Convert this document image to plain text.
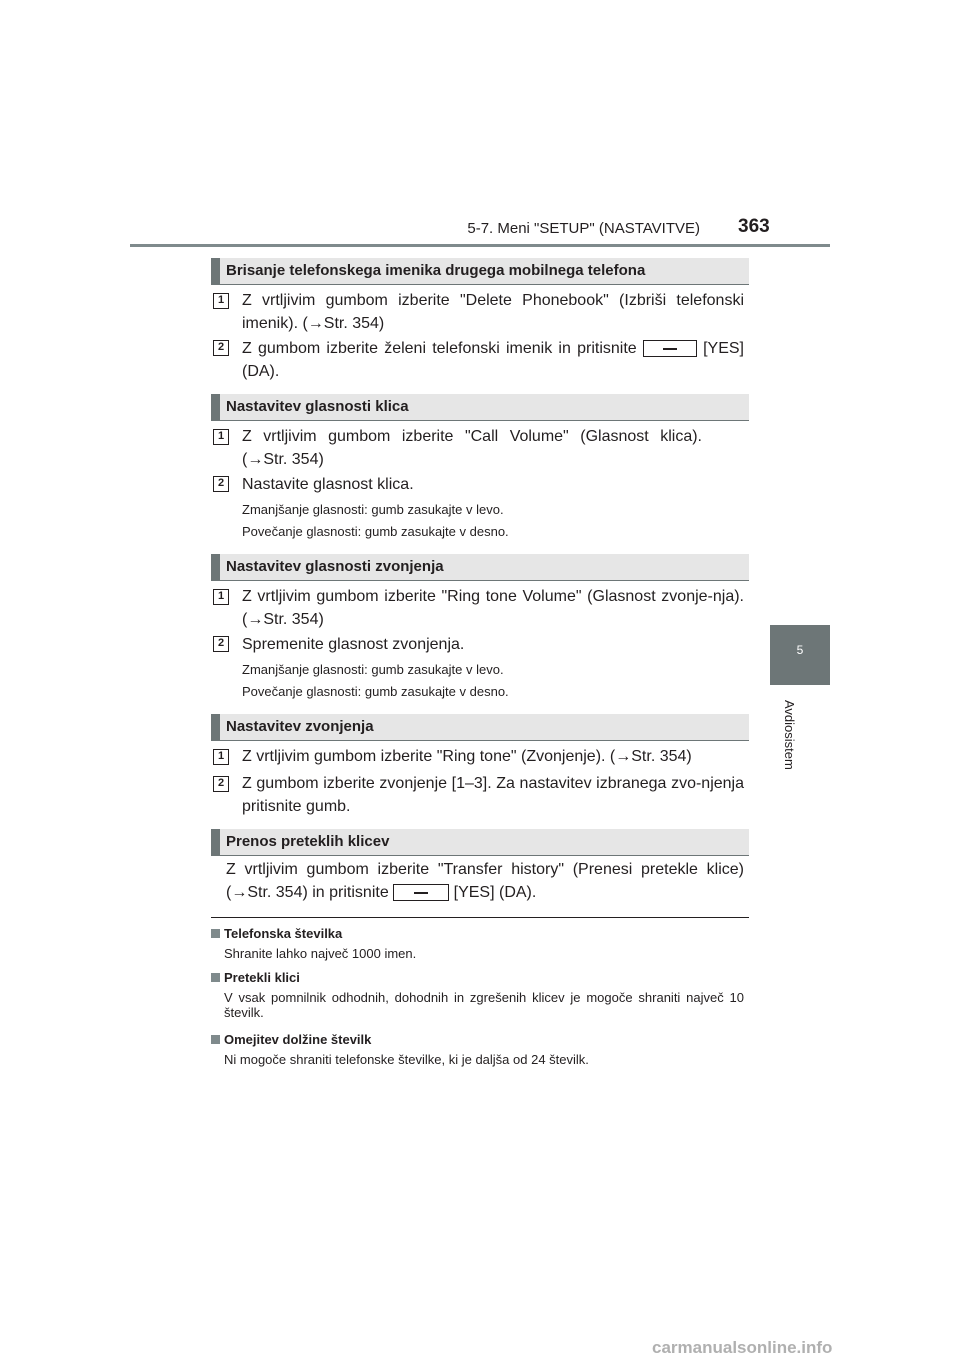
5-7. Meni "SETUP" (NASTAVITVE) 363
5
Avdiosistem
Brisanje telefonskega imenika drugega mobilnega telefona
1	Z vrtljivim gumbom izberite "Delete Phonebook" (Izbriši telefonski imenik). (→Str. 354)
2	Z gumbom izberite želeni telefonski imenik in pritisnite	[YES] (DA).
Nastavitev glasnosti klica
1	Z vrtljivim gumbom izberite "Call Volume" (Glasnost klica). (→Str. 354)
2	Nastavite glasnost klica.
Zmanjšanje glasnosti: gumb zasukajte v levo.
Povečanje glasnosti: gumb zasukajte v desno.
Nastavitev glasnosti zvonjenja
1	Z vrtljivim gumbom izberite "Ring tone Volume" (Glasnost zvonje-nja). (→Str. 354)
2	Spremenite glasnost zvonjenja.
Zmanjšanje glasnosti: gumb zasukajte v levo.
Povečanje glasnosti: gumb zasukajte v desno.
Nastavitev zvonjenja
1	Z vrtljivim gumbom izberite "Ring tone" (Zvonjenje). (→Str. 354)
2	Z gumbom izberite zvonjenje [1–3]. Za nastavitev izbranega zvo-njenja pritisnite gumb.
Prenos preteklih klicev
Z vrtljivim gumbom izberite "Transfer history" (Prenesi pretekle klice) (→Str. 354) in pritisnite	[YES] (DA).
Telefonska številka
Shranite lahko največ 1000 imen.
Pretekli klici
V vsak pomnilnik odhodnih, dohodnih in zgrešenih klicev je mogoče shraniti največ 10 številk.
Omejitev dolžine številk
Ni mogoče shraniti telefonske številke, ki je daljša od 24 številk.
carmanualsonline.info
